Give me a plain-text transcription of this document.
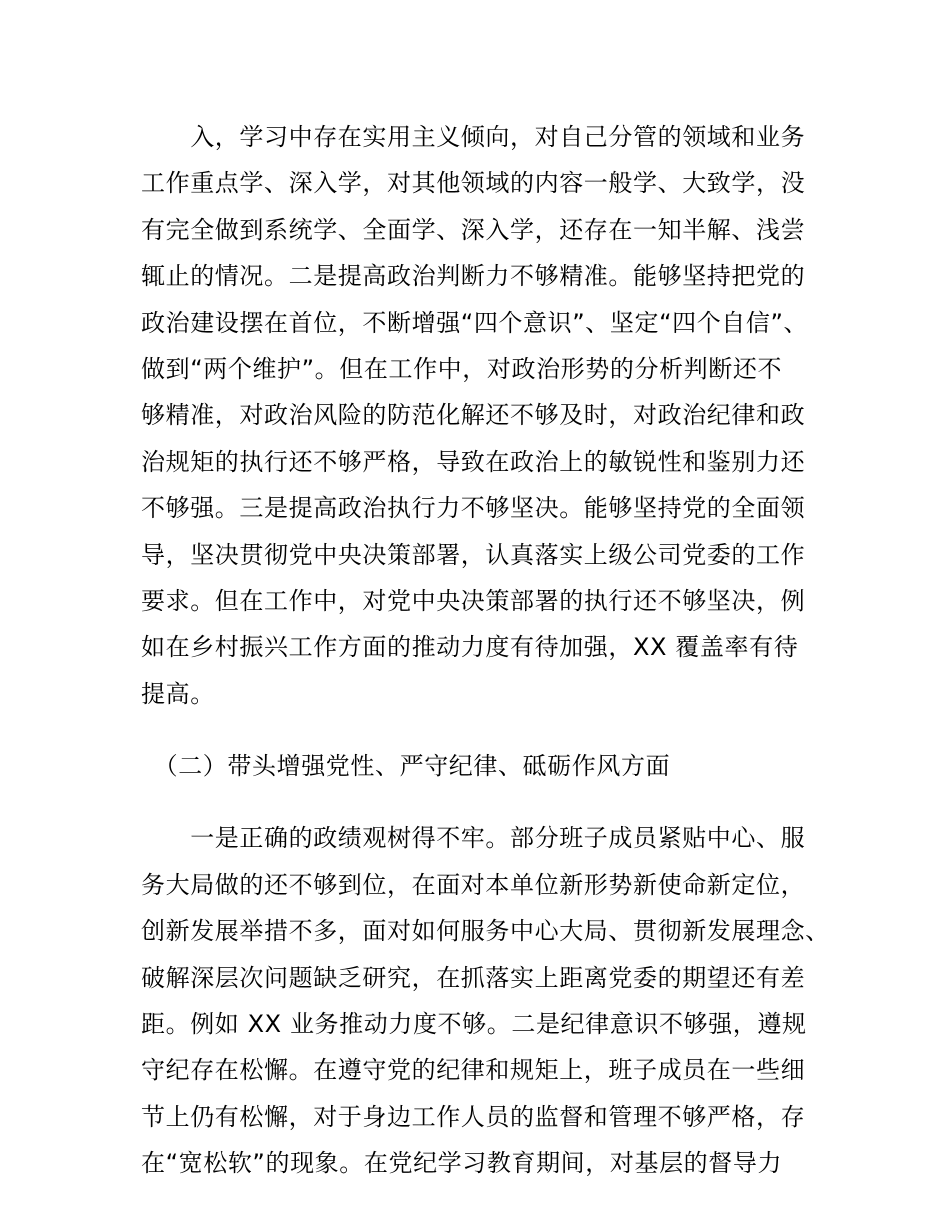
　　入，学习中存在实用主义倾向，对自己分管的领域和业务
工作重点学、深入学，对其他领域的内容一般学、大致学，没
有完全做到系统学、全面学、深入学，还存在一知半解、浅尝
辄止的情况。二是提高政治判断力不够精准。能够坚持把党的
政治建设摆在首位，不断增强“四个意识”、坚定“四个自信”、
做到“两个维护”。但在工作中，对政治形势的分析判断还不
够精准，对政治风险的防范化解还不够及时，对政治纪律和政
治规矩的执行还不够严格，导致在政治上的敏锐性和鉴别力还
不够强。三是提高政治执行力不够坚决。能够坚持党的全面领
导，坚决贯彻党中央决策部署，认真落实上级公司党委的工作
要求。但在工作中，对党中央决策部署的执行还不够坚决，例
如在乡村振兴工作方面的推动力度有待加强，XX 覆盖率有待
提高。
　（二）带头增强党性、严守纪律、砥砺作风方面
　　一是正确的政绩观树得不牢。部分班子成员紧贴中心、服
务大局做的还不够到位，在面对本单位新形势新使命新定位，
创新发展举措不多，面对如何服务中心大局、贯彻新发展理念、
破解深层次问题缺乏研究，在抓落实上距离党委的期望还有差
距。例如 XX 业务推动力度不够。二是纪律意识不够强，遵规
守纪存在松懈。在遵守党的纪律和规矩上，班子成员在一些细
节上仍有松懈，对于身边工作人员的监督和管理不够严格，存
在“宽松软”的现象。在党纪学习教育期间，对基层的督导力
